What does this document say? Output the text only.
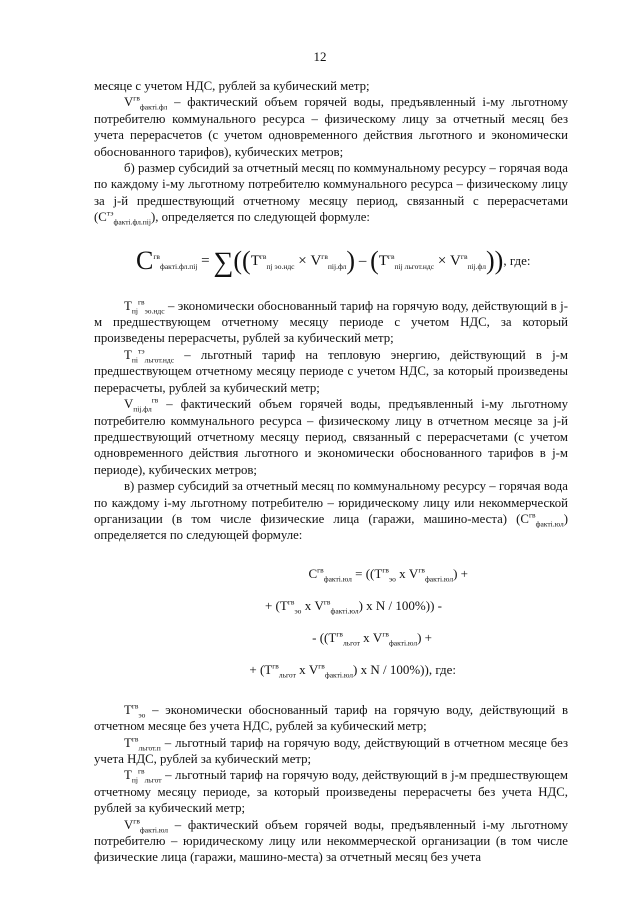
12

месяце с учетом НДС, рублей за кубический метр;

$V^{гв}_{факті.фл}$ – фактический объем горячей воды, предъявленный i-му льготному потребителю коммунального ресурса – физическому лицу за отчетный месяц без учета перерасчетов (с учетом одновременного действия льготного и экономически обоснованного тарифов), кубических метров;

б) размер субсидий за отчетный месяц по коммунальному ресурсу – горячая вода по каждому i-му льготному потребителю коммунального ресурса – физическому лицу за j-й предшествующий отчетному месяцу период, связанный с перерасчетами $(С^{тэ}_{факті.фл.пij})$, определяется по следующей формуле:

$С^{гв}_{факті.фл.пij} = \sum((Т^{гв}_{пj эо.ндс} \times V^{гв}_{пij.фл}) - (Т^{гв}_{пij льгот.ндс} \times V^{гв}_{пij.фл}))$, где:

$Т_{пj}^{гв}_{эо.ндс}$ – экономически обоснованный тариф на горячую воду, действующий в j-м предшествующем отчетному месяцу периоде с учетом НДС, за который произведены перерасчеты, рублей за кубический метр;

$Т_{пi}^{тэ}_{льгот.ндс}$ – льготный тариф на тепловую энергию, действующий в j-м предшествующем отчетному месяцу периоде с учетом НДС, за который произведены перерасчеты, рублей за кубический метр;

$V_{пij.фл}^{гв}$ – фактический объем горячей воды, предъявленный i-му льготному потребителю коммунального ресурса – физическому лицу в отчетном месяце за j-й предшествующий отчетному месяцу период, связанный с перерасчетами (с учетом одновременного действия льготного и экономически обоснованного тарифов в j-м периоде), кубических метров;

в) размер субсидий за отчетный месяц по коммунальному ресурсу – горячая вода по каждому i-му льготному потребителю – юридическому лицу или некоммерческой организации (в том числе физические лица (гаражи, машино-места) $(С^{гв}_{факті.юл})$ определяется по следующей формуле:

$С^{гв}_{факті.юл} = ((Т^{гв}_{эо}$ х $V^{гв}_{факті.юл}$) +
+ ($Т^{гв}_{эо}$ х $V^{гв}_{факті.юл}$) х N / 100%)) -
- (($Т^{гв}_{льгот}$ х $V^{гв}_{факті.юл}$) +
+ ($Т^{гв}_{льгот}$ х $V^{гв}_{факті.юл}$) х N / 100%)), где:

$Т^{гв}_{эо}$ – экономически обоснованный тариф на горячую воду, действующий в отчетном месяце без учета НДС, рублей за кубический метр;

$Т^{гв}_{льгот.п}$ – льготный тариф на горячую воду, действующий в отчетном месяце без учета НДС, рублей за кубический метр;

$Т_{пj}^{гв}_{льгот}$ – льготный тариф на горячую воду, действующий в j-м предшествующем отчетному месяцу периоде, за который произведены перерасчеты без учета НДС, рублей за кубический метр;

$V^{гв}_{факті.юл}$ – фактический объем горячей воды, предъявленный i-му льготному потребителю – юридическому лицу или некоммерческой организации (в том числе физические лица (гаражи, машино-места) за отчетный месяц без учета
